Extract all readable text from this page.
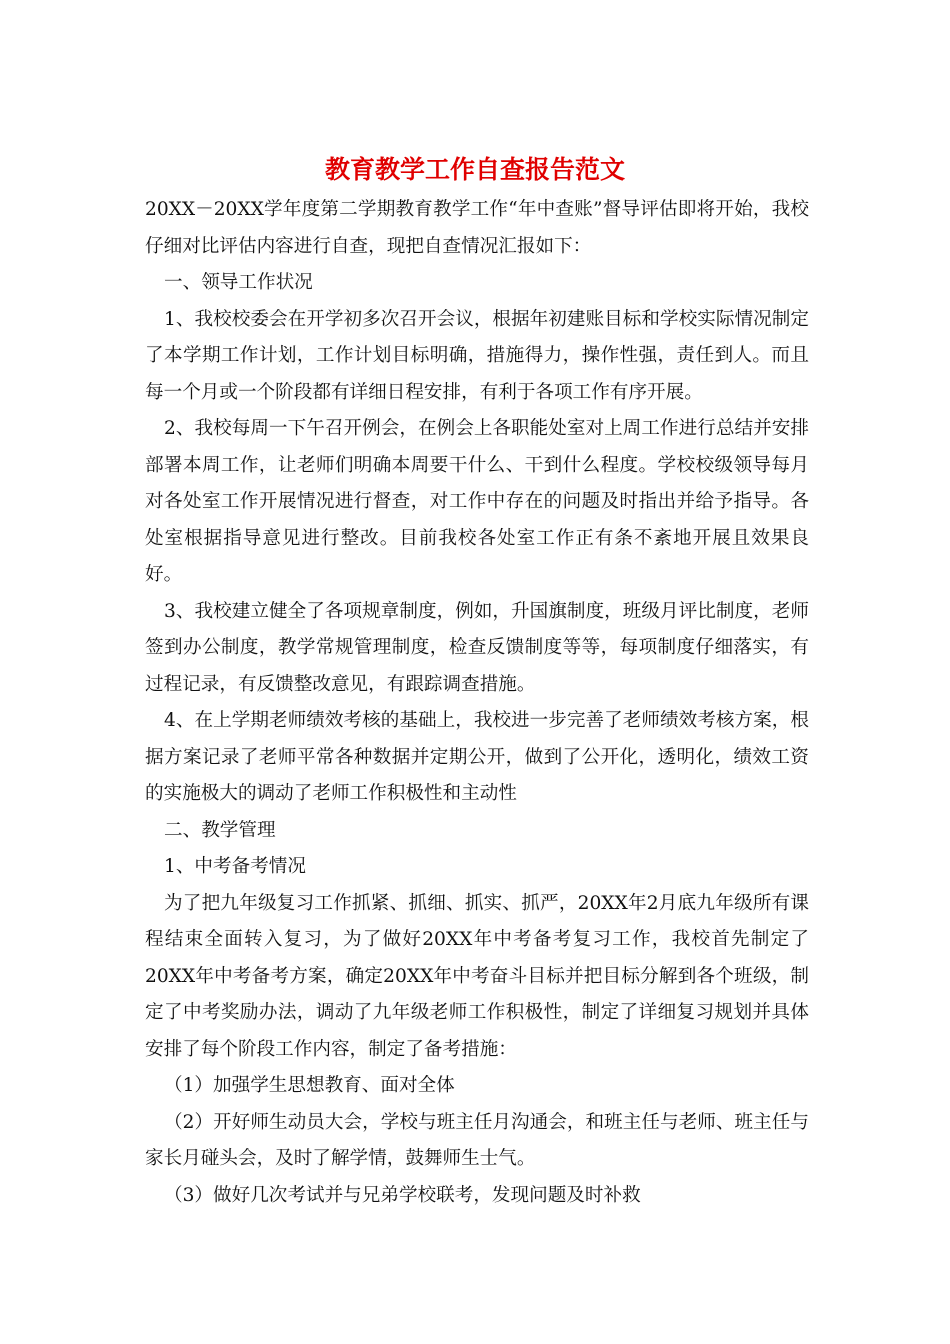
教育教学工作自查报告范文

20XX－20XX学年度第二学期教育教学工作“年中查账”督导评估即将开始，我校仔细对比评估内容进行自查，现把自查情况汇报如下：

一、领导工作状况

1、我校校委会在开学初多次召开会议，根据年初建账目标和学校实际情况制定了本学期工作计划，工作计划目标明确，措施得力，操作性强，责任到人。而且每一个月或一个阶段都有详细日程安排，有利于各项工作有序开展。

2、我校每周一下午召开例会，在例会上各职能处室对上周工作进行总结并安排部署本周工作，让老师们明确本周要干什么、干到什么程度。学校校级领导每月对各处室工作开展情况进行督查，对工作中存在的问题及时指出并给予指导。各处室根据指导意见进行整改。目前我校各处室工作正有条不紊地开展且效果良好。

3、我校建立健全了各项规章制度，例如，升国旗制度，班级月评比制度，老师签到办公制度，教学常规管理制度，检查反馈制度等等，每项制度仔细落实，有过程记录，有反馈整改意见，有跟踪调查措施。

4、在上学期老师绩效考核的基础上，我校进一步完善了老师绩效考核方案，根据方案记录了老师平常各种数据并定期公开，做到了公开化，透明化，绩效工资的实施极大的调动了老师工作积极性和主动性

二、教学管理

1、中考备考情况

为了把九年级复习工作抓紧、抓细、抓实、抓严，20XX年2月底九年级所有课程结束全面转入复习，为了做好20XX年中考备考复习工作，我校首先制定了20XX年中考备考方案，确定20XX年中考奋斗目标并把目标分解到各个班级，制定了中考奖励办法，调动了九年级老师工作积极性，制定了详细复习规划并具体安排了每个阶段工作内容，制定了备考措施：

（1）加强学生思想教育、面对全体

（2）开好师生动员大会，学校与班主任月沟通会，和班主任与老师、班主任与家长月碰头会，及时了解学情，鼓舞师生士气。

（3）做好几次考试并与兄弟学校联考，发现问题及时补救
